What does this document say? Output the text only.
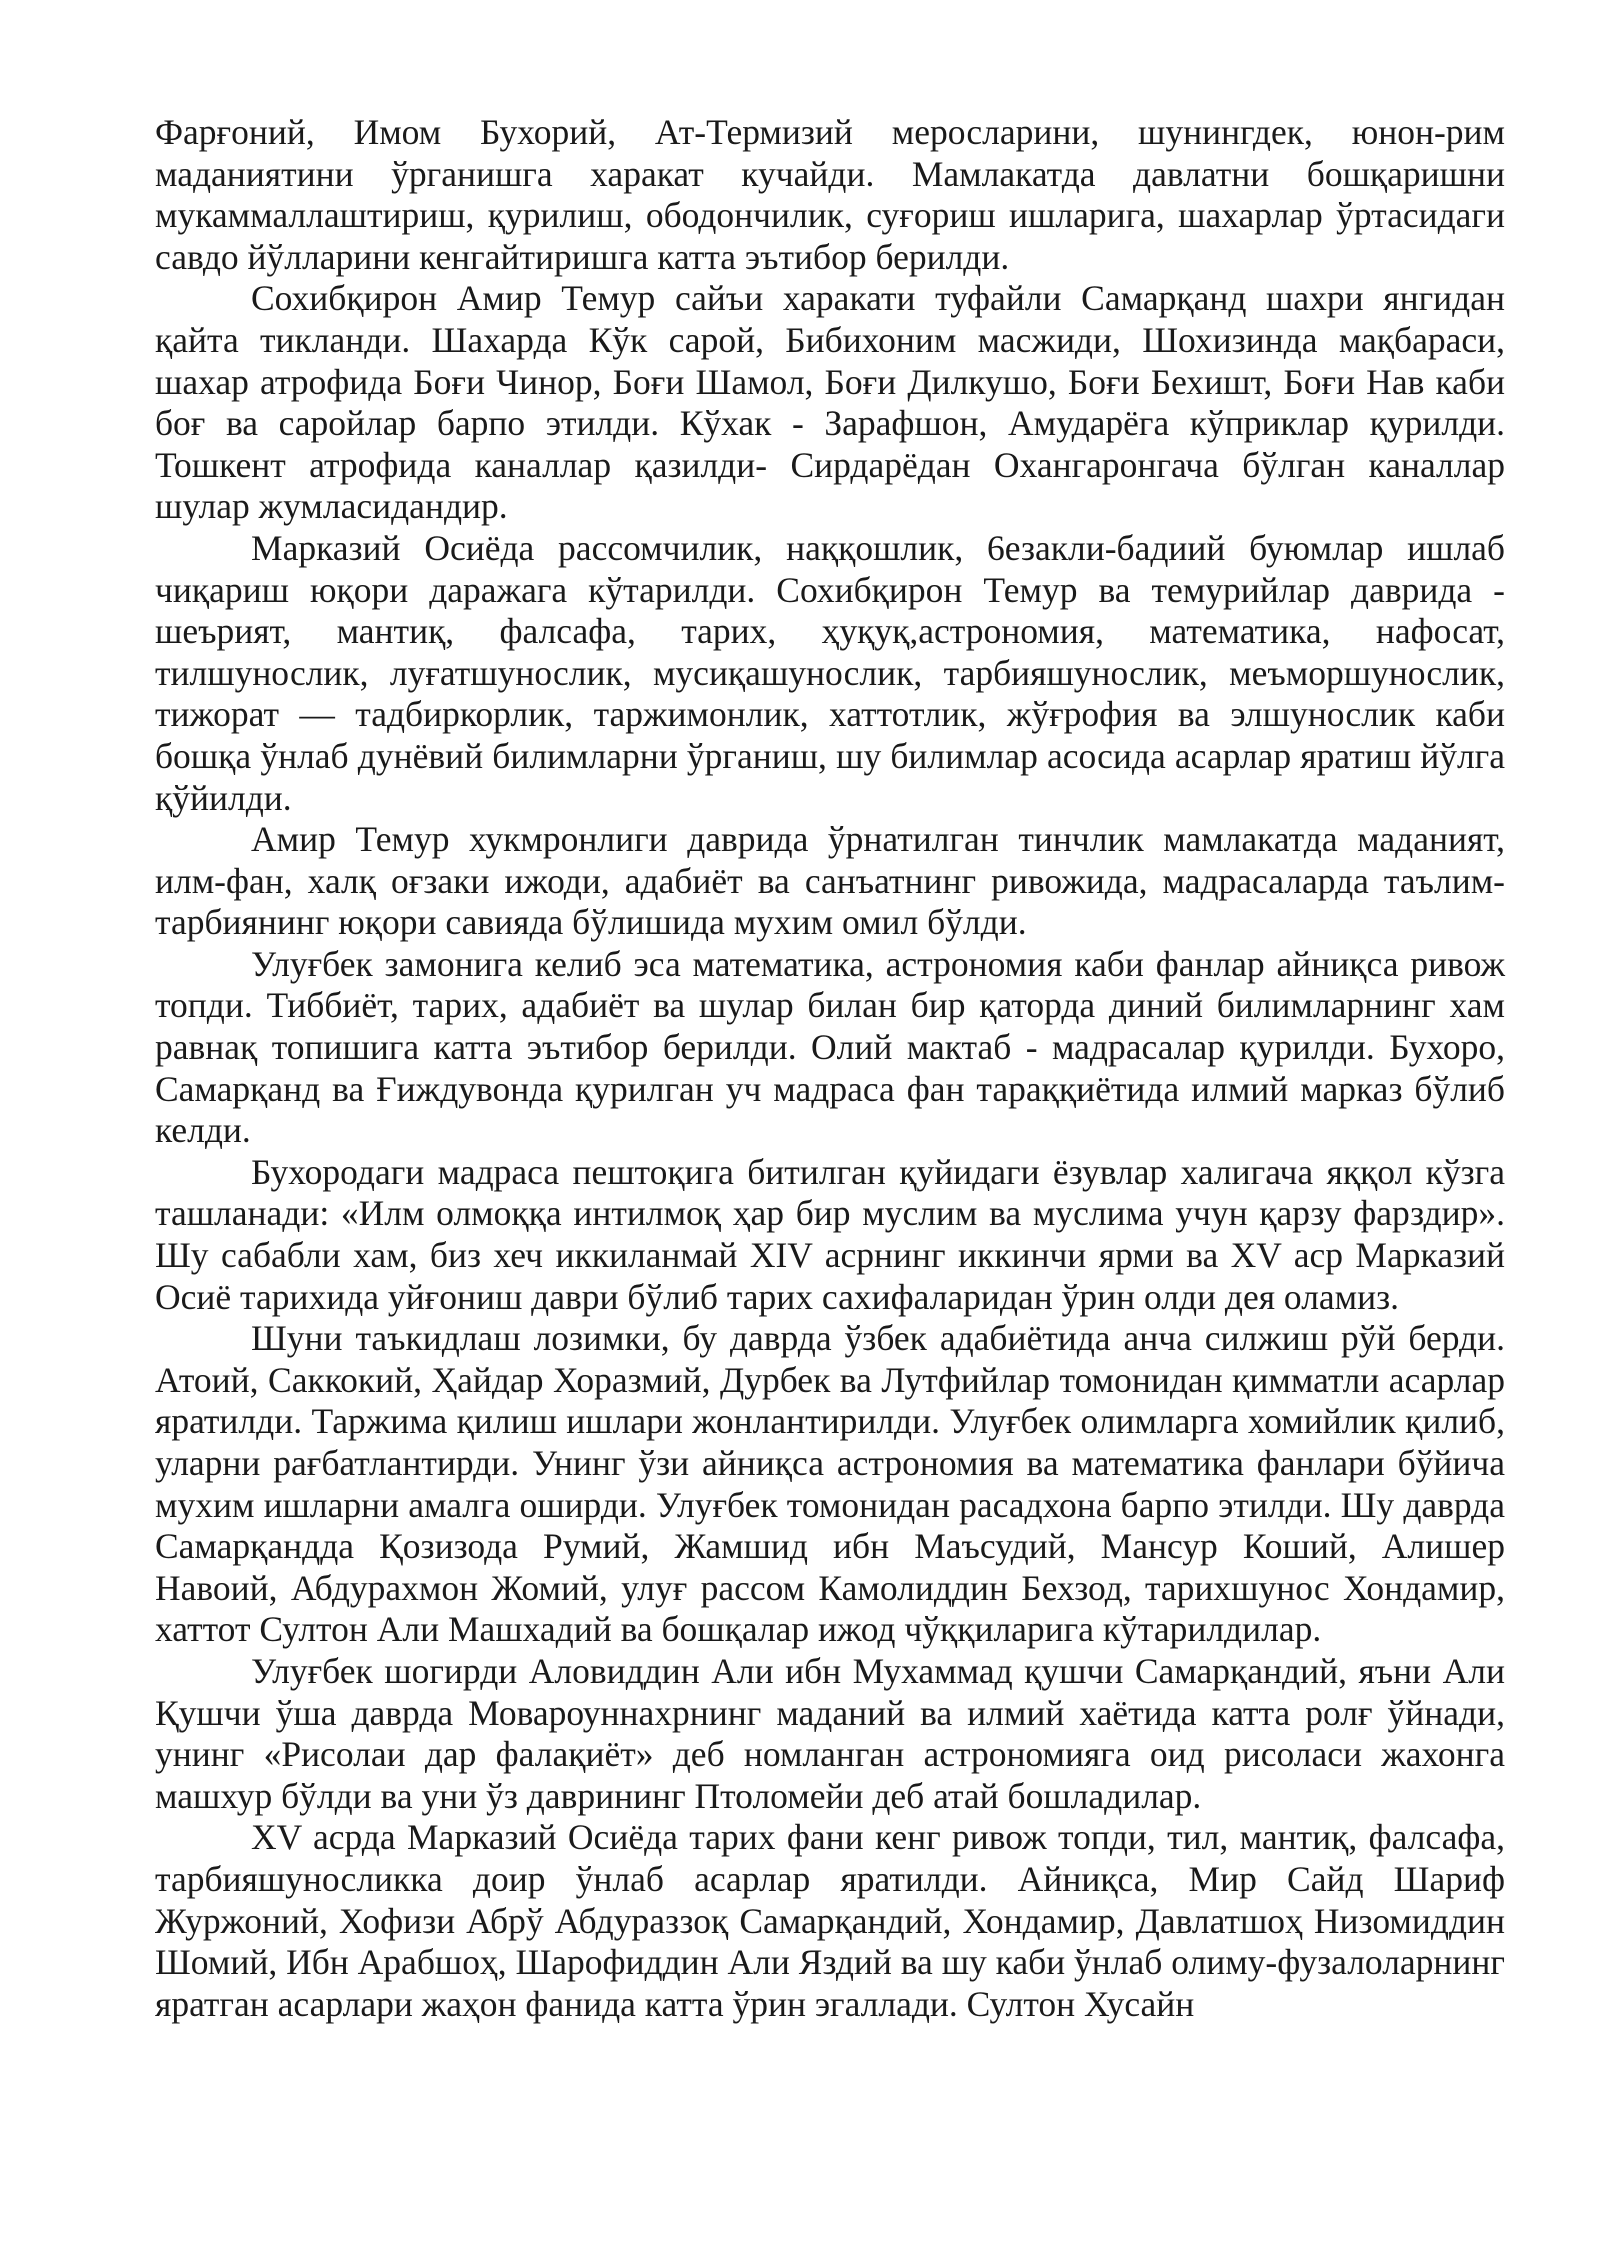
Фарғоний, Имом Бухорий, Ат-Термизий меросларини, шунингдек, юнон-рим маданиятини ўрганишга харакат кучайди. Мамлакатда давлатни бошқаришни мукаммаллаштириш, қурилиш, ободончилик, суғориш ишларига, шахарлар ўртасидаги савдо йўлларини кенгайтиришга катта эътибор берилди.

Сохибқирон Амир Темур сайъи харакати туфайли Самарқанд шахри янгидан қайта тикланди. Шахарда Кўк сарой, Бибихоним масжиди, Шохизинда мақбараси, шахар атрофида Боғи Чинор, Боғи Шамол, Боғи Дилкушо, Боғи Бехишт, Боғи Нав каби боғ ва саройлар барпо этилди. Кўхак - Зарафшон, Амударёга кўприклар қурилди. Тошкент атрофида каналлар қазилди- Сирдарёдан Охангаронгача бўлган каналлар шулар жумласидандир.

Марказий Осиёда рассомчилик, наққошлик, 6езакли-бадиий буюмлар ишлаб чиқариш юқори даражага кўтарилди. Сохибқирон Темур ва темурийлар даврида - шеърият, мантиқ, фалсафа, тарих, ҳуқуқ,астрономия, математика, нафосат, тилшунослик, луғатшунослик, мусиқашунослик, тарбияшунослик, меъморшунослик, тижорат — тадбиркорлик, таржимонлик, хаттотлик, жўғрофия ва элшунослик каби бошқа ўнлаб дунёвий билимларни ўрганиш, шу билимлар асосида асарлар яратиш йўлга қўйилди.

Амир Темур хукмронлиги даврида ўрнатилган тинчлик мамлакатда маданият, илм-фан, халқ оғзаки ижоди, адабиёт ва санъатнинг ривожида, мадрасаларда таълим-тарбиянинг юқори савияда бўлишида мухим омил бўлди.

Улуғбек замонига келиб эса математика, астрономия каби фанлар айниқса ривож топди. Тиббиёт, тарих, адабиёт ва шулар билан бир қаторда диний билимларнинг хам равнақ топишига катта эътибор берилди. Олий мактаб - мадрасалар қурилди. Бухоро, Самарқанд ва Ғиждувонда қурилган уч мадраса фан тараққиётида илмий марказ бўлиб келди.

Бухородаги мадраса пештоқига битилган қуйидаги ёзувлар халигача яққол кўзга ташланади: «Илм олмоққа интилмоқ ҳар бир муслим ва муслима учун қарзу фарздир». Шу сабабли хам, биз хеч иккиланмай XIV асрнинг иккинчи ярми ва XV аср Марказий Осиё тарихида уйғониш даври бўлиб тарих сахифаларидан ўрин олди дея оламиз.

Шуни таъкидлаш лозимки, бу даврда ўзбек адабиётида анча силжиш рўй берди. Атоий, Саккокий, Ҳайдар Хоразмий, Дурбек ва Лутфийлар томонидан қимматли асарлар яратилди. Таржима қилиш ишлари жонлантирилди. Улуғбек олимларга хомийлик қилиб, уларни рағбатлантирди. Унинг ўзи айниқса астрономия ва математика фанлари бўйича мухим ишларни амалга оширди. Улуғбек томонидан расадхона барпо этилди. Шу даврда Самарқандда Қозизода Румий, Жамшид ибн Маъсудий, Мансур Коший, Алишер Навоий, Абдурахмон Жомий, улуғ рассом Камолиддин Бехзод, тарихшунос Хондамир, хаттот Султон Али Машхадий ва бошқалар ижод чўққиларига кўтарилдилар.

Улуғбек шогирди Аловиддин Али ибн Мухаммад қушчи Самарқандий, яъни Али Қушчи ўша даврда Мовароуннахрнинг маданий ва илмий хаётида катта ролғ ўйнади, унинг «Рисолаи дар фалақиёт» деб номланган астрономияга оид рисоласи жахонга машхур бўлди ва уни ўз даврининг Птоломейи деб атай бошладилар.

XV асрда Марказий Осиёда тарих фани кенг ривож топди, тил, мантиқ, фалсафа, тарбияшуносликка доир ўнлаб асарлар яратилди. Айниқса, Мир Сайд Шариф Журжоний, Хофизи Абрў Абдураззоқ Самарқандий, Хондамир, Давлатшоҳ Низомиддин Шомий, Ибн Арабшоҳ, Шарофиддин Али Яздий ва шу каби ўнлаб олиму-фузалоларнинг яратган асарлари жаҳон фанида катта ўрин эгаллади. Султон Хусайн
